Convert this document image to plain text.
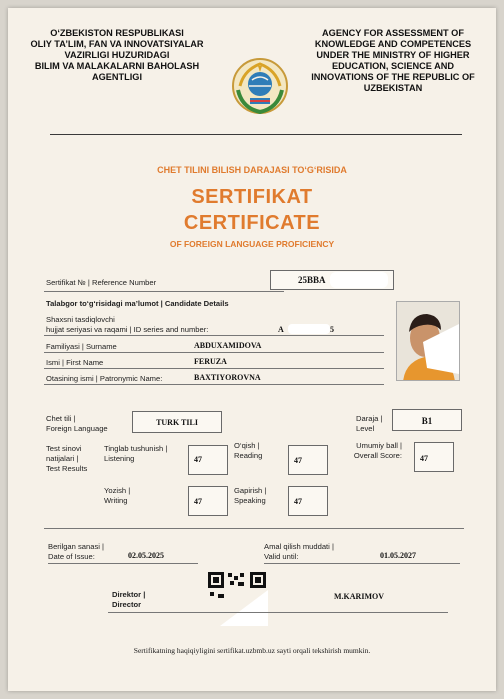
O‘ZBEKISTON RESPUBLIKASI
OLIY TA’LIM, FAN VA INNOVATSIYALAR
VAZIRLIGI HUZURIDAGI
BILIM VA MALAKALARNI BAHOLASH
AGENTLIGI
AGENCY FOR ASSESSMENT OF
KNOWLEDGE AND COMPETENCES
UNDER THE MINISTRY OF HIGHER
EDUCATION, SCIENCE AND
INNOVATIONS OF THE REPUBLIC OF
UZBEKISTAN
CHET TILINI BILISH DARAJASI TO‘G‘RISIDA
SERTIFIKAT
CERTIFICATE
OF FOREIGN LANGUAGE PROFICIENCY
Sertifikat № | Reference Number	25BBA
Talabgor to‘g‘risidagi ma’lumot | Candidate Details
Shaxsni tasdiqlovchi
hujjat seriyasi va raqami | ID series and number:	A	5
Familiyasi | Surname	ABDUXAMIDOVA
Ismi | First Name	FERUZA
Otasining ismi | Patronymic Name:	BAXTIYOROVNA
Chet tili |
Foreign Language
TURK TILI	Daraja |
Level
B1
Test sinovi
natijalari |
Test Results
Tinglab tushunish |
Listening	47
O‘qish |
Reading
47
Umumiy ball |
Overall Score: 47
Yozish |
Writing	47
Gapirish |
Speaking	47
Berilgan sanasi |
Date of Issue:	02.05.2025
Amal qilish muddati |
Valid until:	01.05.2027
Direktor |
Director
M.KARIMOV
Sertifikatning haqiqiyligini sertifikat.uzbmb.uz sayti orqali tekshirish mumkin.
